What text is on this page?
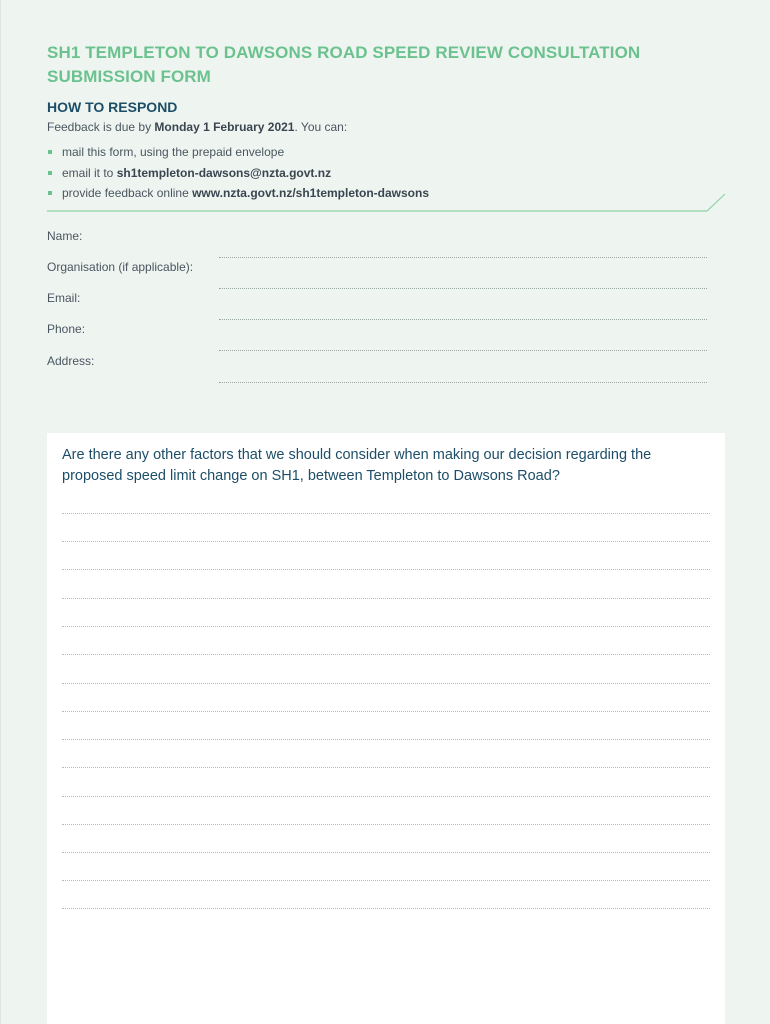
SH1 TEMPLETON TO DAWSONS ROAD SPEED REVIEW CONSULTATION
SUBMISSION FORM
HOW TO RESPOND

Feedback is due by Monday 1 February 2021. You can:

mail this form, using the prepaid envelope
email it to sh1templeton-dawsons@nzta.govt.nz
provide feedback online www.nzta.govt.nz/sh1templeton-dawsons
Name:
Organisation (if applicable):
Email:
Phone:
Address:

Are there any other factors that we should consider when making our decision regarding the proposed speed limit change on SH1, between Templeton to Dawsons Road?
